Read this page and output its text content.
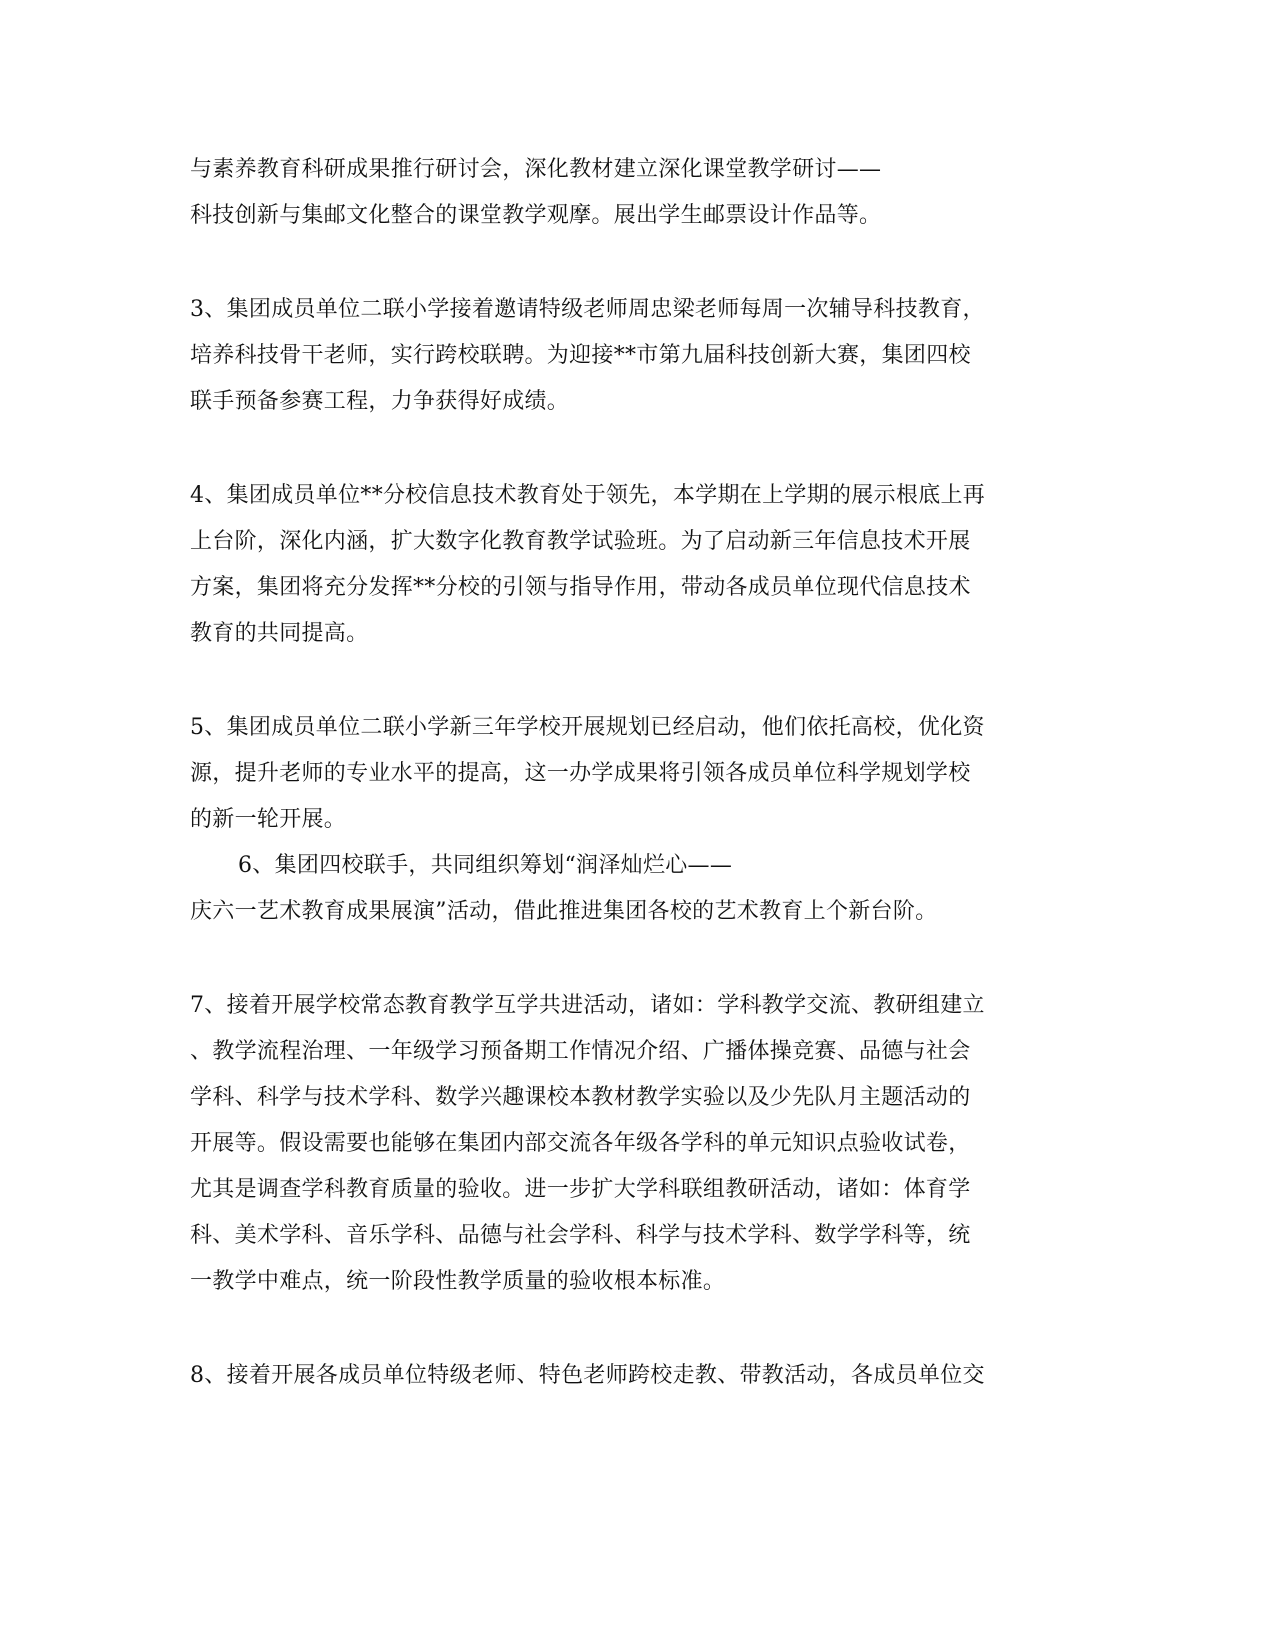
与素养教育科研成果推行研讨会，深化教材建立深化课堂教学研讨——
科技创新与集邮文化整合的课堂教学观摩。展出学生邮票设计作品等。
3、集团成员单位二联小学接着邀请特级老师周忠梁老师每周一次辅导科技教育，
培养科技骨干老师，实行跨校联聘。为迎接**市第九届科技创新大赛，集团四校
联手预备参赛工程，力争获得好成绩。
4、集团成员单位**分校信息技术教育处于领先，本学期在上学期的展示根底上再
上台阶，深化内涵，扩大数字化教育教学试验班。为了启动新三年信息技术开展
方案，集团将充分发挥**分校的引领与指导作用，带动各成员单位现代信息技术
教育的共同提高。
5、集团成员单位二联小学新三年学校开展规划已经启动，他们依托高校，优化资
源，提升老师的专业水平的提高，这一办学成果将引领各成员单位科学规划学校
的新一轮开展。
6、集团四校联手，共同组织筹划“润泽灿烂心——
庆六一艺术教育成果展演”活动，借此推进集团各校的艺术教育上个新台阶。
7、接着开展学校常态教育教学互学共进活动，诸如：学科教学交流、教研组建立
、教学流程治理、一年级学习预备期工作情况介绍、广播体操竞赛、品德与社会
学科、科学与技术学科、数学兴趣课校本教材教学实验以及少先队月主题活动的
开展等。假设需要也能够在集团内部交流各年级各学科的单元知识点验收试卷，
尤其是调查学科教育质量的验收。进一步扩大学科联组教研活动，诸如：体育学
科、美术学科、音乐学科、品德与社会学科、科学与技术学科、数学学科等，统
一教学中难点，统一阶段性教学质量的验收根本标准。
8、接着开展各成员单位特级老师、特色老师跨校走教、带教活动，各成员单位交
